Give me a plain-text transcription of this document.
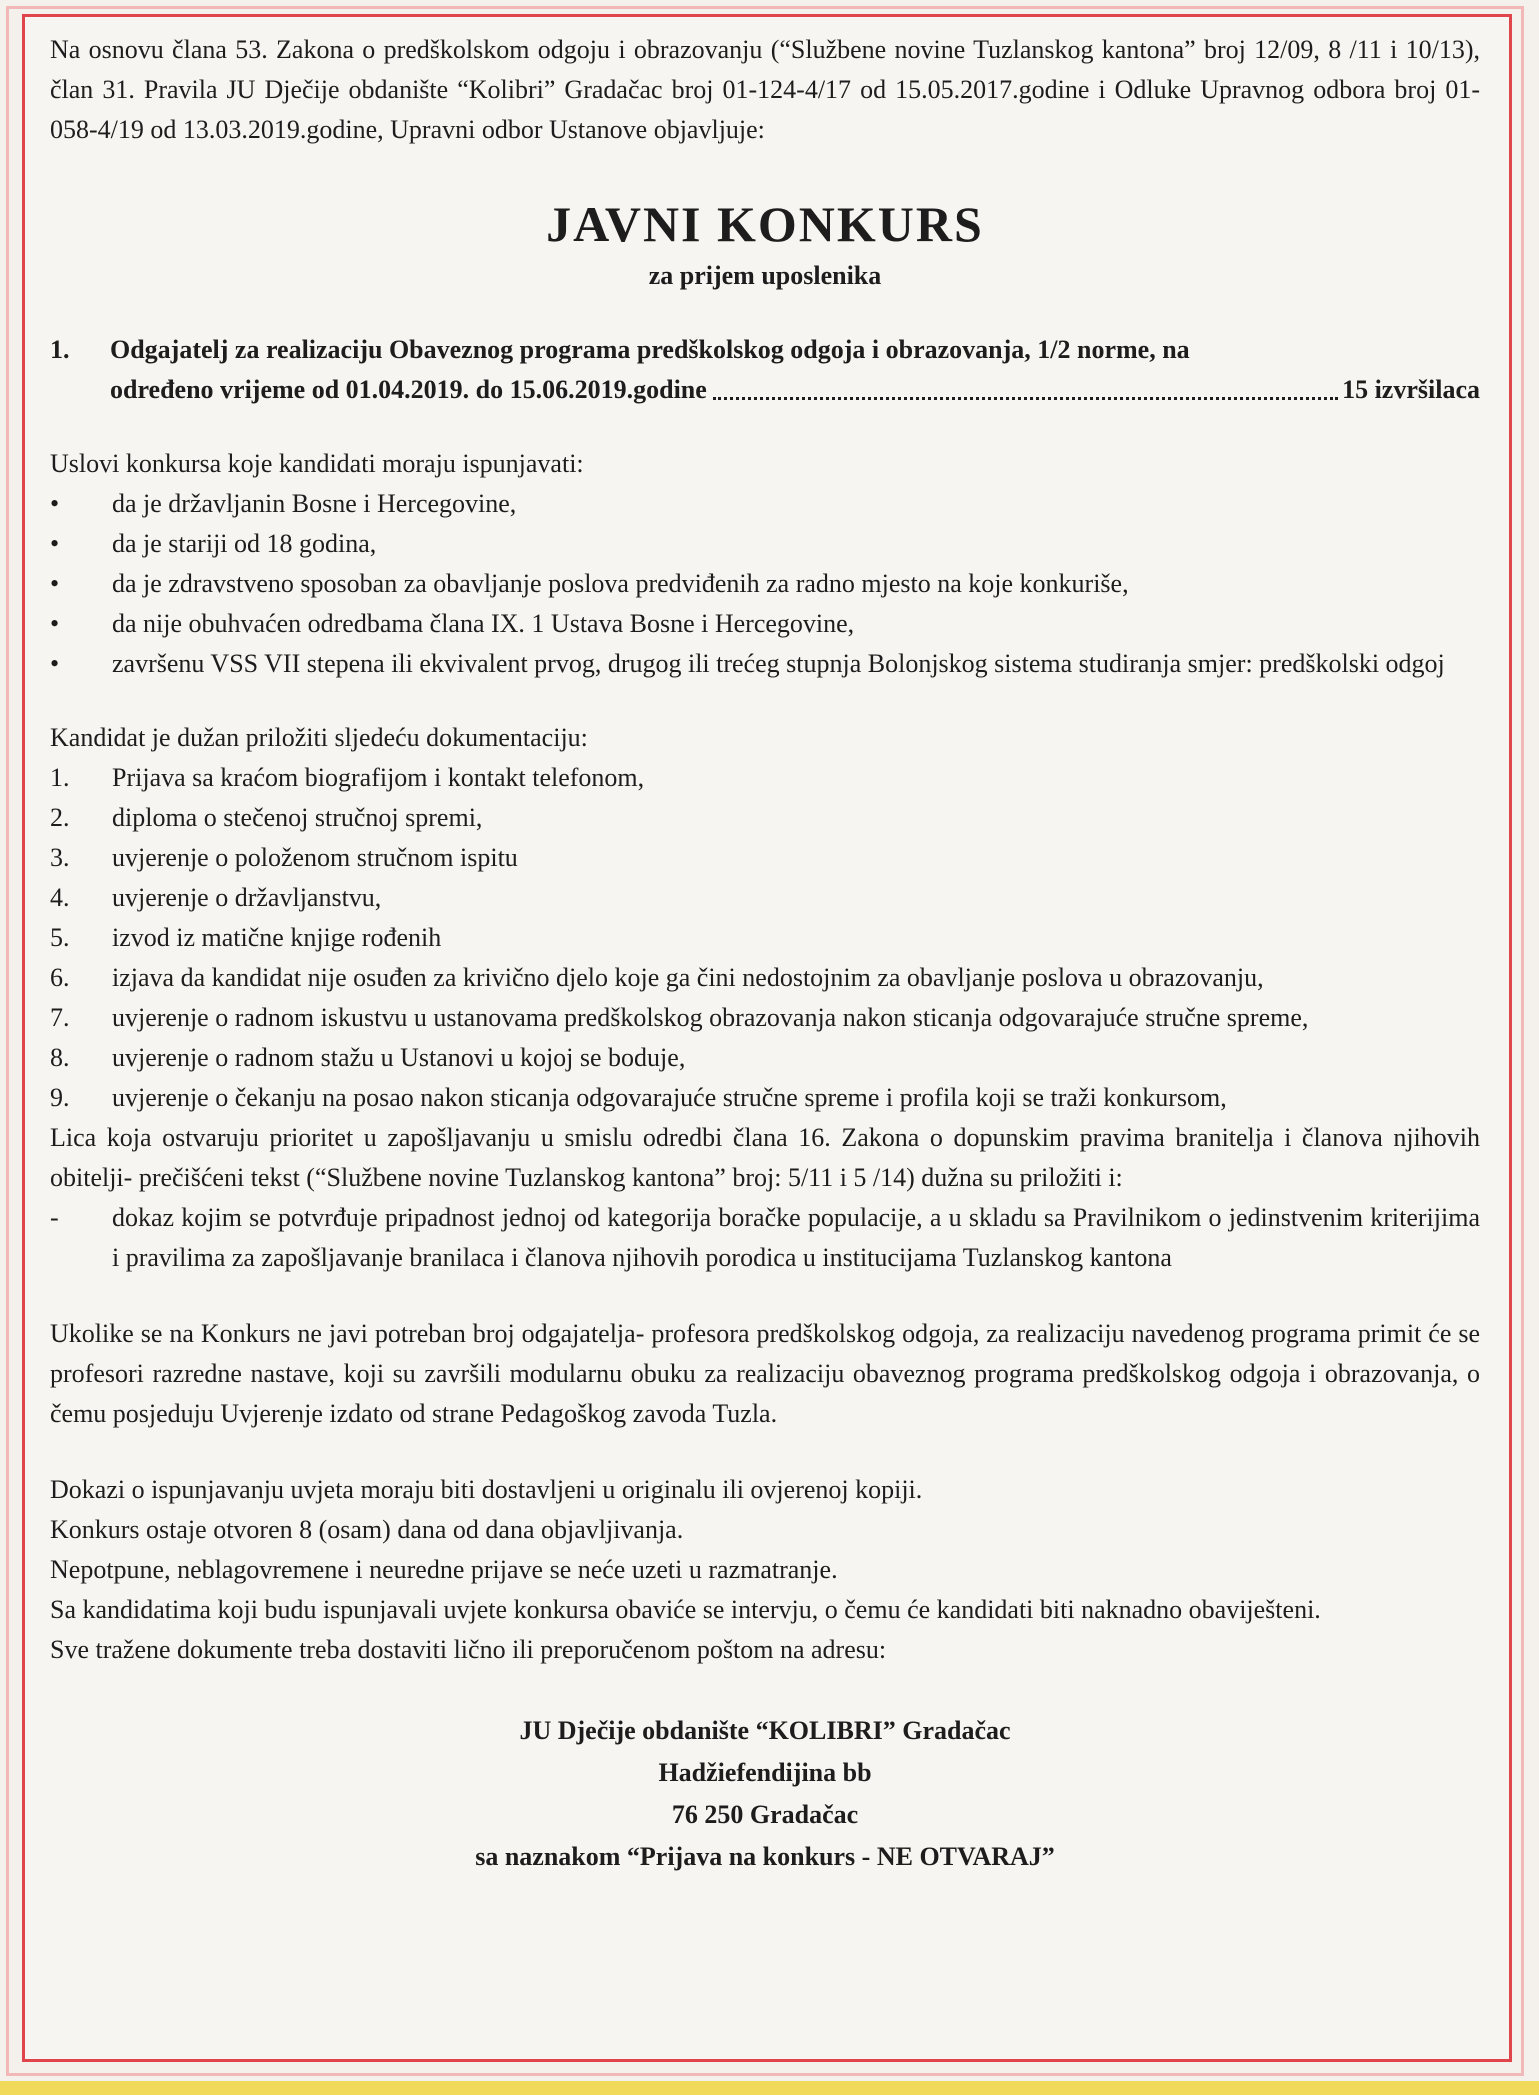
Na osnovu člana 53. Zakona o predškolskom odgoju i obrazovanju (“Službene novine Tuzlanskog kantona” broj 12/09, 8 /11 i 10/13), član 31. Pravila JU Dječije obdanište “Kolibri” Gradačac broj 01-124-4/17 od 15.05.2017.godine i Odluke Upravnog odbora broj 01-058-4/19 od 13.03.2019.godine, Upravni odbor Ustanove objavljuje:

JAVNI KONKURS
za prijem uposlenika
1.	Odgajatelj za realizaciju Obaveznog programa predškolskog odgoja i obrazovanja, 1/2 norme, na
određeno vrijeme od 01.04.2019. do 15.06.2019.godine	15 izvršilaca

Uslovi konkursa koje kandidati moraju ispunjavati:

•	da je državljanin Bosne i Hercegovine,
•	da je stariji od 18 godina,
•	da je zdravstveno sposoban za obavljanje poslova predviđenih za radno mjesto na koje konkuriše,
•	da nije obuhvaćen odredbama člana IX. 1 Ustava Bosne i Hercegovine,
•	završenu VSS VII stepena ili ekvivalent prvog, drugog ili trećeg stupnja Bolonjskog sistema studiranja smjer: predškolski odgoj

Kandidat je dužan priložiti sljedeću dokumentaciju:

1.	Prijava sa kraćom biografijom i kontakt telefonom,
2.	diploma o stečenoj stručnoj spremi,
3.	uvjerenje o položenom stručnom ispitu
4.	uvjerenje o državljanstvu,
5.	izvod iz matične knjige rođenih
6.	izjava da kandidat nije osuđen za krivično djelo koje ga čini nedostojnim za obavljanje poslova u obrazovanju,
7.	uvjerenje o radnom iskustvu u ustanovama predškolskog obrazovanja nakon sticanja odgovarajuće stručne spreme,
8.	uvjerenje o radnom stažu u Ustanovi u kojoj se boduje,
9.	uvjerenje o čekanju na posao nakon sticanja odgovarajuće stručne spreme i profila koji se traži konkursom,

Lica koja ostvaruju prioritet u zapošljavanju u smislu odredbi člana 16. Zakona o dopunskim pravima branitelja i članova njihovih obitelji- prečišćeni tekst (“Službene novine Tuzlanskog kantona” broj: 5/11 i 5 /14) dužna su priložiti i:

-	dokaz kojim se potvrđuje pripadnost jednoj od kategorija boračke populacije, a u skladu sa Pravilnikom o jedinstvenim kriterijima i pravilima za zapošljavanje branilaca i članova njihovih porodica u institucijama Tuzlanskog kantona

Ukolike se na Konkurs ne javi potreban broj odgajatelja- profesora predškolskog odgoja, za realizaciju navedenog programa primit će se profesori razredne nastave, koji su završili modularnu obuku za realizaciju obaveznog programa predškolskog odgoja i obrazovanja, o čemu posjeduju Uvjerenje izdato od strane Pedagoškog zavoda Tuzla.

Dokazi o ispunjavanju uvjeta moraju biti dostavljeni u originalu ili ovjerenoj kopiji.

Konkurs ostaje otvoren 8 (osam) dana od dana objavljivanja.

Nepotpune, neblagovremene i neuredne prijave se neće uzeti u razmatranje.

Sa kandidatima koji budu ispunjavali uvjete konkursa obaviće se intervju, o čemu će kandidati biti naknadno obaviješteni.

Sve tražene dokumente treba dostaviti lično ili preporučenom poštom na adresu:

JU Dječije obdanište “KOLIBRI” Gradačac
Hadžiefendijina bb
76 250 Gradačac
sa naznakom “Prijava na konkurs - NE OTVARAJ”
